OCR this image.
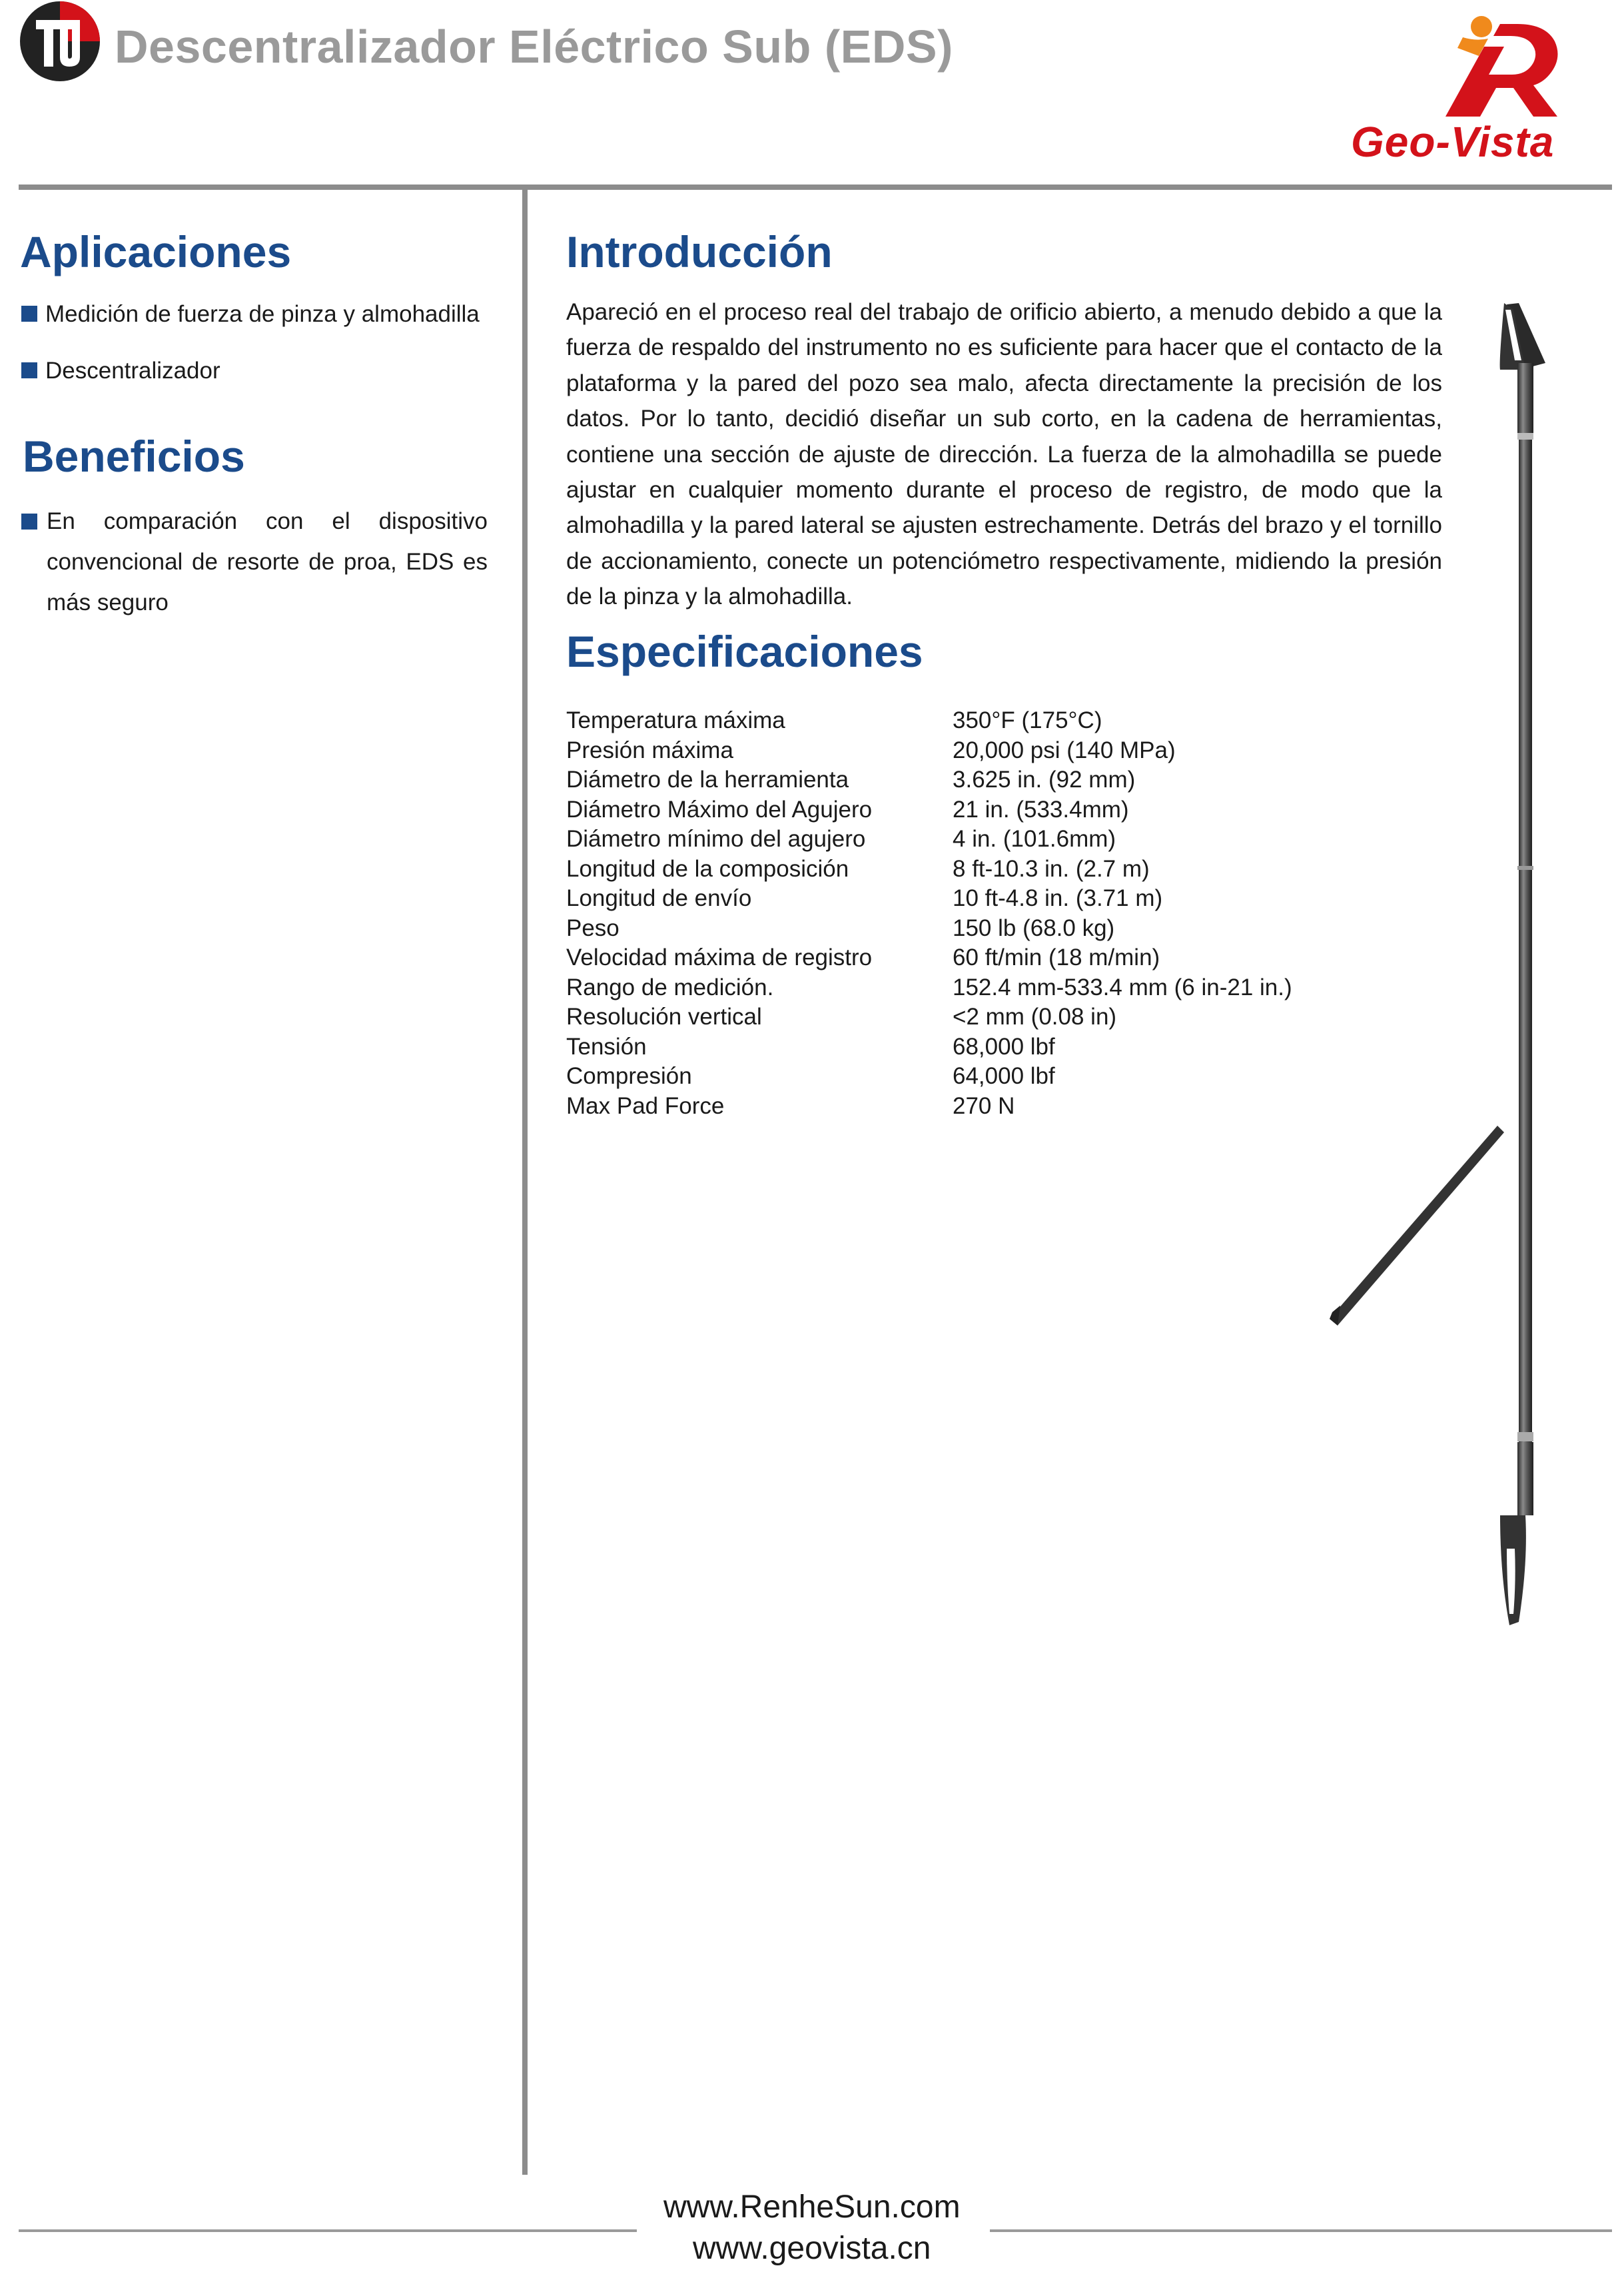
Descentralizador Eléctrico Sub (EDS)
Geo-Vista
Aplicaciones
Medición de fuerza de pinza y almohadilla
Descentralizador
Beneficios
En comparación con el dispositivo convencional de resorte de proa, EDS es más seguro
Introducción
Apareció en el proceso real del trabajo de orificio abierto, a menudo debido a que la fuerza de respaldo del instrumento no es suficiente para hacer que el contacto de la plataforma y la pared del pozo sea malo, afecta directamente la precisión de los datos. Por lo tanto, decidió diseñar un sub corto, en la cadena de herramientas, contiene una sección de ajuste de dirección. La fuerza de la almohadilla se puede ajustar en cualquier momento durante el proceso de registro, de modo que la almohadilla y la pared lateral se ajusten estrechamente. Detrás del brazo y el tornillo de accionamiento, conecte un potenciómetro respectivamente, midiendo la presión de la pinza y la almohadilla.
Especificaciones
Temperatura máxima	350°F (175°C)
Presión máxima	20,000 psi (140 MPa)
Diámetro de la herramienta	3.625 in. (92 mm)
Diámetro Máximo del Agujero	21 in. (533.4mm)
Diámetro mínimo del agujero	4 in. (101.6mm)
Longitud de la composición	8 ft-10.3 in. (2.7 m)
Longitud de envío	10 ft-4.8 in. (3.71 m)
Peso	150 lb (68.0 kg)
Velocidad máxima de registro	60 ft/min (18 m/min)
Rango de medición.	152.4 mm-533.4 mm (6 in-21 in.)
Resolución vertical	<2 mm (0.08 in)
Tensión	68,000 lbf
Compresión	64,000 lbf
Max Pad Force	270 N
www.RenheSun.com
www.geovista.cn
